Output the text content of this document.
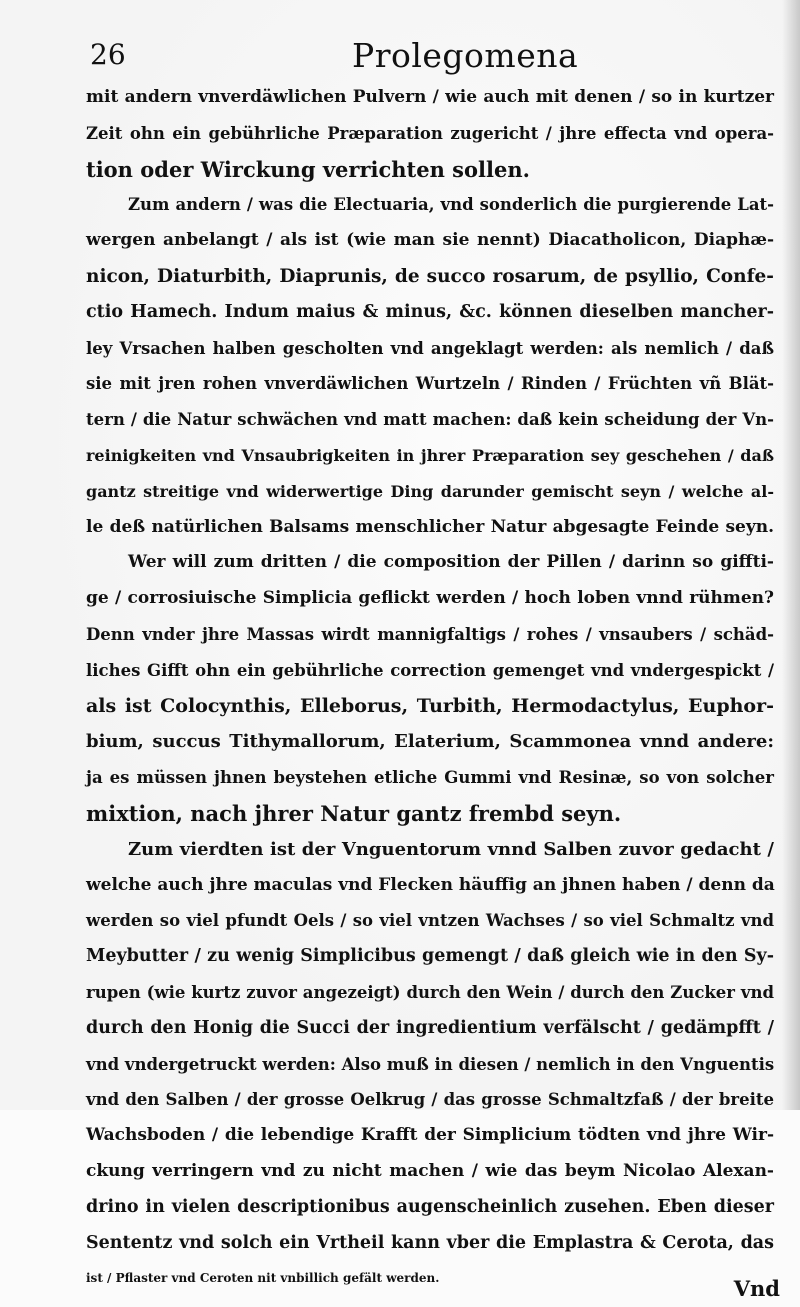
26	Prolegomena
mit andern vnverdäwlichen Pulvern / wie auch mit denen / so in kurtzer
Zeit ohn ein gebührliche Præparation zugericht / jhre effecta vnd opera-
tion oder Wirckung verrichten sollen.
Zum andern / was die Electuaria, vnd sonderlich die purgierende Lat-
wergen anbelangt / als ist (wie man sie nennt) Diacatholicon, Diaphæ-
nicon, Diaturbith, Diaprunis, de succo rosarum, de psyllio, Confe-
ctio Hamech. Indum maius & minus, &c. können dieselben mancher-
ley Vrsachen halben gescholten vnd angeklagt werden: als nemlich / daß
sie mit jren rohen vnverdäwlichen Wurtzeln / Rinden / Früchten vñ Blät-
tern / die Natur schwächen vnd matt machen: daß kein scheidung der Vn-
reinigkeiten vnd Vnsaubrigkeiten in jhrer Præparation sey geschehen / daß
gantz streitige vnd widerwertige Ding darunder gemischt seyn / welche al-
le deß natürlichen Balsams menschlicher Natur abgesagte Feinde seyn.
Wer will zum dritten / die composition der Pillen / darinn so giffti-
ge / corrosiuische Simplicia geflickt werden / hoch loben vnnd rühmen?
Denn vnder jhre Massas wirdt mannigfaltigs / rohes / vnsaubers / schäd-
liches Gifft ohn ein gebührliche correction gemenget vnd vndergespickt /
als ist Colocynthis, Elleborus, Turbith, Hermodactylus, Euphor-
bium, succus Tithymallorum, Elaterium, Scammonea vnnd andere:
ja es müssen jhnen beystehen etliche Gummi vnd Resinæ, so von solcher
mixtion, nach jhrer Natur gantz frembd seyn.
Zum vierdten ist der Vnguentorum vnnd Salben zuvor gedacht /
welche auch jhre maculas vnd Flecken häuffig an jhnen haben / denn da
werden so viel pfundt Oels / so viel vntzen Wachses / so viel Schmaltz vnd
Meybutter / zu wenig Simplicibus gemengt / daß gleich wie in den Sy-
rupen (wie kurtz zuvor angezeigt) durch den Wein / durch den Zucker vnd
durch den Honig die Succi der ingredientium verfälscht / gedämpfft /
vnd vndergetruckt werden: Also muß in diesen / nemlich in den Vnguentis
vnd den Salben / der grosse Oelkrug / das grosse Schmaltzfaß / der breite
Wachsboden / die lebendige Krafft der Simplicium tödten vnd jhre Wir-
ckung verringern vnd zu nicht machen / wie das beym Nicolao Alexan-
drino in vielen descriptionibus augenscheinlich zusehen. Eben dieser
Sententz vnd solch ein Vrtheil kann vber die Emplastra & Cerota, das
ist / Pflaster vnd Ceroten nit vnbillich gefält werden.	Vnd
